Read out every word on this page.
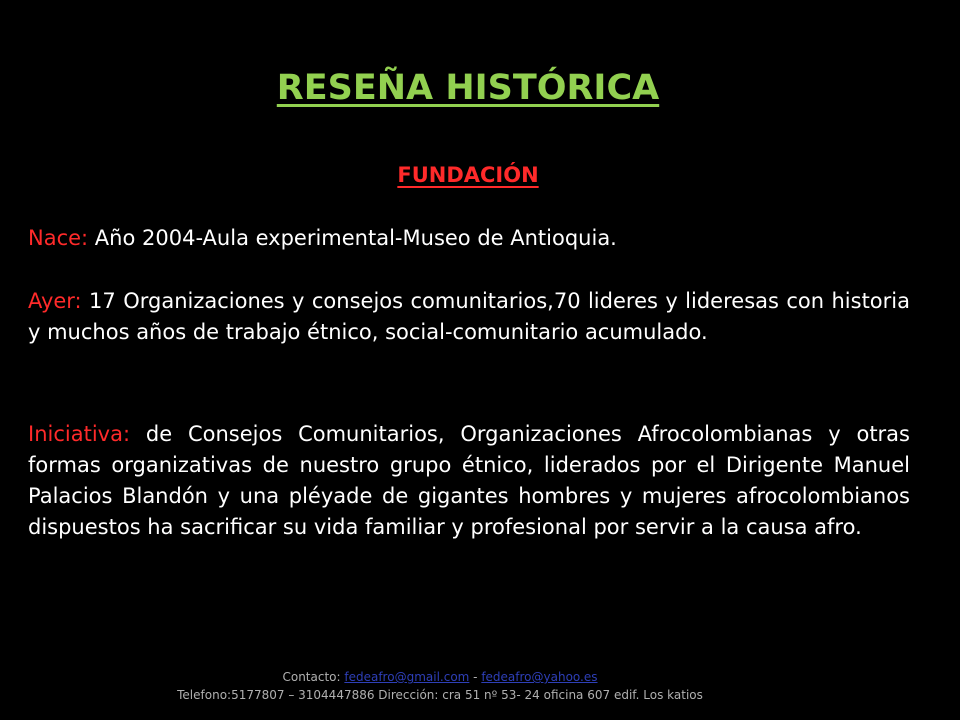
RESEÑA HISTÓRICA
FUNDACIÓN

Nace: Año 2004-Aula experimental-Museo de Antioquia.

Ayer: 17 Organizaciones y consejos comunitarios,70 lideres y lideresas con historia y muchos años de trabajo étnico, social-comunitario acumulado.

Iniciativa: de Consejos Comunitarios, Organizaciones Afrocolombianas y otras formas organizativas de nuestro grupo étnico, liderados por el Dirigente Manuel Palacios Blandón y una pléyade de gigantes hombres y mujeres afrocolombianos dispuestos ha sacrificar su vida familiar y profesional por servir a la causa afro.

Contacto: fedeafro@gmail.com - fedeafro@yahoo.es
Telefono:5177807 – 3104447886 Dirección: cra 51 nº 53- 24 oficina 607 edif. Los katios
